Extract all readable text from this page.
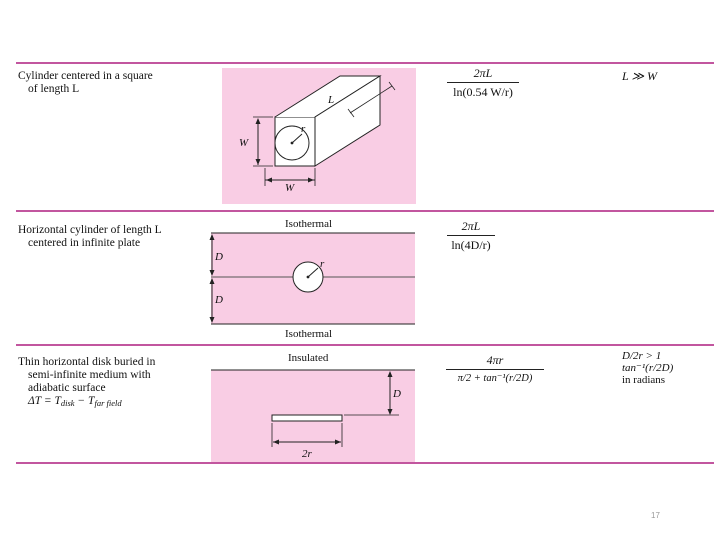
Cylinder centered in a square
of length L
L
W
W
r
2πL
ln(0.54 W/r)
L ≫ W
Horizontal cylinder of length L
centered in infinite plate
Isothermal
D
D
r
Isothermal
2πL
ln(4D/r)
Thin horizontal disk buried in
semi-infinite medium with
adiabatic surface
$\Delta T = T_{disk} - T_{far field}$
Insulated
D
2r
4πr
π/2 + tan⁻¹(r/2D)
D/2r > 1
tan⁻¹(r/2D)
in radians
17
